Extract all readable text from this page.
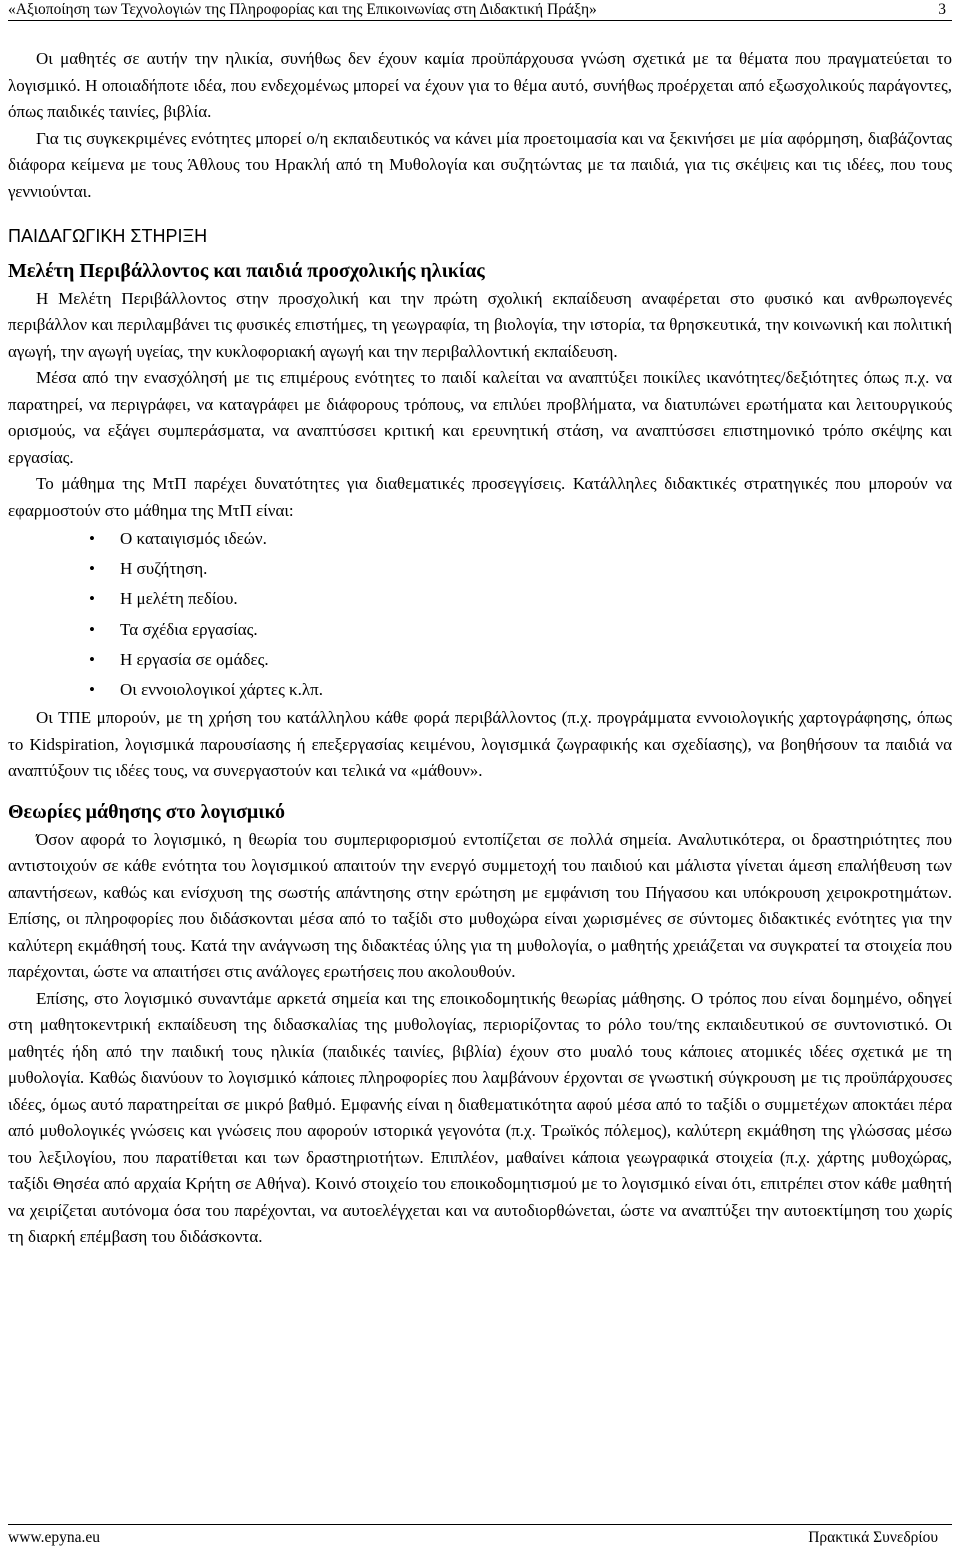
«Αξιοποίηση των Τεχνολογιών της Πληροφορίας και της Επικοινωνίας στη Διδακτική Πράξη»	3

Οι μαθητές σε αυτήν την ηλικία, συνήθως δεν έχουν καμία προϋπάρχουσα γνώση σχετικά με τα θέματα που πραγματεύεται το λογισμικό. Η οποιαδήποτε ιδέα, που ενδεχομένως μπορεί να έχουν για το θέμα αυτό, συνήθως προέρχεται από εξωσχολικούς παράγοντες, όπως παιδικές ταινίες, βιβλία.

Για τις συγκεκριμένες ενότητες μπορεί ο/η εκπαιδευτικός να κάνει μία προετοιμασία και να ξεκινήσει με μία αφόρμηση, διαβάζοντας διάφορα κείμενα με τους Άθλους του Ηρακλή από τη Μυθολογία και συζητώντας με τα παιδιά, για τις σκέψεις και τις ιδέες, που τους γεννιούνται.

ΠΑΙΔΑΓΩΓΙΚΗ ΣΤΗΡΙΞΗ
Μελέτη Περιβάλλοντος και παιδιά προσχολικής ηλικίας

Η Μελέτη Περιβάλλοντος στην προσχολική και την πρώτη σχολική εκπαίδευση αναφέρεται στο φυσικό και ανθρωπογενές περιβάλλον και περιλαμβάνει τις φυσικές επιστήμες, τη γεωγραφία, τη βιολογία, την ιστορία, τα θρησκευτικά, την κοινωνική και πολιτική αγωγή, την αγωγή υγείας, την κυκλοφοριακή αγωγή και την περιβαλλοντική εκπαίδευση.

Μέσα από την ενασχόλησή με τις επιμέρους ενότητες το παιδί καλείται να αναπτύξει ποικίλες ικανότητες/δεξιότητες όπως π.χ. να παρατηρεί, να περιγράφει, να καταγράφει με διάφορους τρόπους, να επιλύει προβλήματα, να διατυπώνει ερωτήματα και λειτουργικούς ορισμούς, να εξάγει συμπεράσματα, να αναπτύσσει κριτική και ερευνητική στάση, να αναπτύσσει επιστημονικό τρόπο σκέψης και εργασίας.

Το μάθημα της ΜτΠ παρέχει δυνατότητες για διαθεματικές προσεγγίσεις. Κατάλληλες διδακτικές στρατηγικές που μπορούν να εφαρμοστούν στο μάθημα της ΜτΠ είναι:

• Ο καταιγισμός ιδεών.
• Η συζήτηση.
• Η μελέτη πεδίου.
• Τα σχέδια εργασίας.
• Η εργασία σε ομάδες.
• Οι εννοιολογικοί χάρτες κ.λπ.

Οι ΤΠΕ μπορούν, με τη χρήση του κατάλληλου κάθε φορά περιβάλλοντος (π.χ. προγράμματα εννοιολογικής χαρτογράφησης, όπως το Kidspiration, λογισμικά παρουσίασης ή επεξεργασίας κειμένου, λογισμικά ζωγραφικής και σχεδίασης), να βοηθήσουν τα παιδιά να αναπτύξουν τις ιδέες τους, να συνεργαστούν και τελικά να «μάθουν».

Θεωρίες μάθησης στο λογισμικό

Όσον αφορά το λογισμικό, η θεωρία του συμπεριφορισμού εντοπίζεται σε πολλά σημεία. Αναλυτικότερα, οι δραστηριότητες που αντιστοιχούν σε κάθε ενότητα του λογισμικού απαιτούν την ενεργό συμμετοχή του παιδιού και μάλιστα γίνεται άμεση επαλήθευση των απαντήσεων, καθώς και ενίσχυση της σωστής απάντησης στην ερώτηση με εμφάνιση του Πήγασου και υπόκρουση χειροκροτημάτων. Επίσης, οι πληροφορίες που διδάσκονται μέσα από το ταξίδι στο μυθοχώρα είναι χωρισμένες σε σύντομες διδακτικές ενότητες για την καλύτερη εκμάθησή τους. Κατά την ανάγνωση της διδακτέας ύλης για τη μυθολογία, ο μαθητής χρειάζεται να συγκρατεί τα στοιχεία που παρέχονται, ώστε να απαιτήσει στις ανάλογες ερωτήσεις που ακολουθούν.

Επίσης, στο λογισμικό συναντάμε αρκετά σημεία και της εποικοδομητικής θεωρίας μάθησης. Ο τρόπος που είναι δομημένο, οδηγεί στη μαθητοκεντρική εκπαίδευση της διδασκαλίας της μυθολογίας, περιορίζοντας το ρόλο του/της εκπαιδευτικού σε συντονιστικό. Οι μαθητές ήδη από την παιδική τους ηλικία (παιδικές ταινίες, βιβλία) έχουν στο μυαλό τους κάποιες ατομικές ιδέες σχετικά με τη μυθολογία. Καθώς διανύουν το λογισμικό κάποιες πληροφορίες που λαμβάνουν έρχονται σε γνωστική σύγκρουση με τις προϋπάρχουσες ιδέες, όμως αυτό παρατηρείται σε μικρό βαθμό. Εμφανής είναι η διαθεματικότητα αφού μέσα από το ταξίδι ο συμμετέχων αποκτάει πέρα από μυθολογικές γνώσεις και γνώσεις που αφορούν ιστορικά γεγονότα (π.χ. Τρωϊκός πόλεμος), καλύτερη εκμάθηση της γλώσσας μέσω του λεξιλογίου, που παρατίθεται και των δραστηριοτήτων. Επιπλέον, μαθαίνει κάποια γεωγραφικά στοιχεία (π.χ. χάρτης μυθοχώρας, ταξίδι Θησέα από αρχαία Κρήτη σε Αθήνα). Κοινό στοιχείο του εποικοδομητισμού με το λογισμικό είναι ότι, επιτρέπει στον κάθε μαθητή να χειρίζεται αυτόνομα όσα του παρέχονται, να αυτοελέγχεται και να αυτοδιορθώνεται, ώστε να αναπτύξει την αυτοεκτίμηση του χωρίς τη διαρκή επέμβαση του διδάσκοντα.

www.epyna.eu	Πρακτικά Συνεδρίου
